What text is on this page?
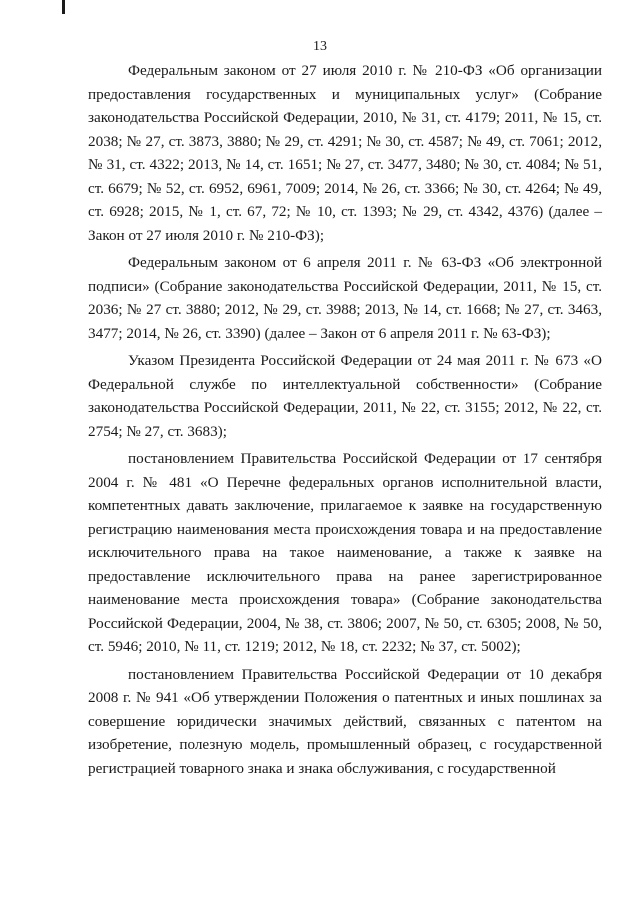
13

Федеральным законом от 27 июля 2010 г. № 210-ФЗ «Об организации предоставления государственных и муниципальных услуг» (Собрание законодательства Российской Федерации, 2010, № 31, ст. 4179; 2011, № 15, ст. 2038; № 27, ст. 3873, 3880; № 29, ст. 4291; № 30, ст. 4587; № 49, ст. 7061; 2012, № 31, ст. 4322; 2013, № 14, ст. 1651; № 27, ст. 3477, 3480; № 30, ст. 4084; № 51, ст. 6679; № 52, ст. 6952, 6961, 7009; 2014, № 26, ст. 3366; № 30, ст. 4264; № 49, ст. 6928; 2015, № 1, ст. 67, 72; № 10, ст. 1393; № 29, ст. 4342, 4376) (далее – Закон от 27 июля 2010 г. № 210-ФЗ);

Федеральным законом от 6 апреля 2011 г. № 63-ФЗ «Об электронной подписи» (Собрание законодательства Российской Федерации, 2011, № 15, ст. 2036; № 27 ст. 3880; 2012, № 29, ст. 3988; 2013, № 14, ст. 1668; № 27, ст. 3463, 3477; 2014, № 26, ст. 3390) (далее – Закон от 6 апреля 2011 г. № 63-ФЗ);

Указом Президента Российской Федерации от 24 мая 2011 г. № 673 «О Федеральной службе по интеллектуальной собственности» (Собрание законодательства Российской Федерации, 2011, № 22, ст. 3155; 2012, № 22, ст. 2754; № 27, ст. 3683);

постановлением Правительства Российской Федерации от 17 сентября 2004 г. № 481 «О Перечне федеральных органов исполнительной власти, компетентных давать заключение, прилагаемое к заявке на государственную регистрацию наименования места происхождения товара и на предоставление исключительного права на такое наименование, а также к заявке на предоставление исключительного права на ранее зарегистрированное наименование места происхождения товара» (Собрание законодательства Российской Федерации, 2004, № 38, ст. 3806; 2007, № 50, ст. 6305; 2008, № 50, ст. 5946; 2010, № 11, ст. 1219; 2012, № 18, ст. 2232; № 37, ст. 5002);

постановлением Правительства Российской Федерации от 10 декабря 2008 г. № 941 «Об утверждении Положения о патентных и иных пошлинах за совершение юридически значимых действий, связанных с патентом на изобретение, полезную модель, промышленный образец, с государственной регистрацией товарного знака и знака обслуживания, с государственной
